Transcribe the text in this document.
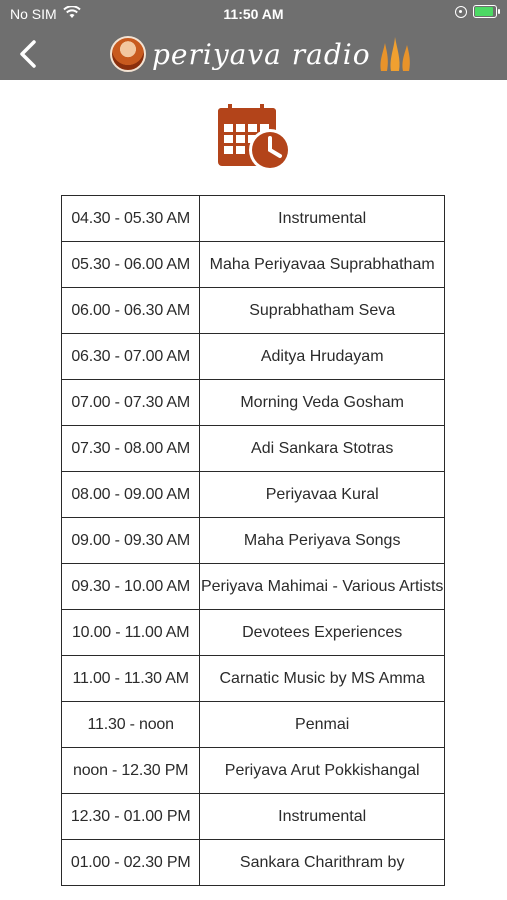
No SIM	11:50 AM
periyava radio
04.30 - 05.30 AM	Instrumental
05.30 - 06.00 AM	Maha Periyavaa Suprabhatham
06.00 - 06.30 AM	Suprabhatham Seva
06.30 - 07.00 AM	Aditya Hrudayam
07.00 - 07.30 AM	Morning Veda Gosham
07.30 - 08.00 AM	Adi Sankara Stotras
08.00 - 09.00 AM	Periyavaa Kural
09.00 - 09.30 AM	Maha Periyava Songs
09.30 - 10.00 AM	Periyava Mahimai - Various Artists
10.00 - 11.00 AM	Devotees Experiences
11.00 - 11.30 AM	Carnatic Music by MS Amma
11.30 - noon	Penmai
noon - 12.30 PM	Periyava Arut Pokkishangal
12.30 - 01.00 PM	Instrumental
01.00 - 02.30 PM	Sankara Charithram by
